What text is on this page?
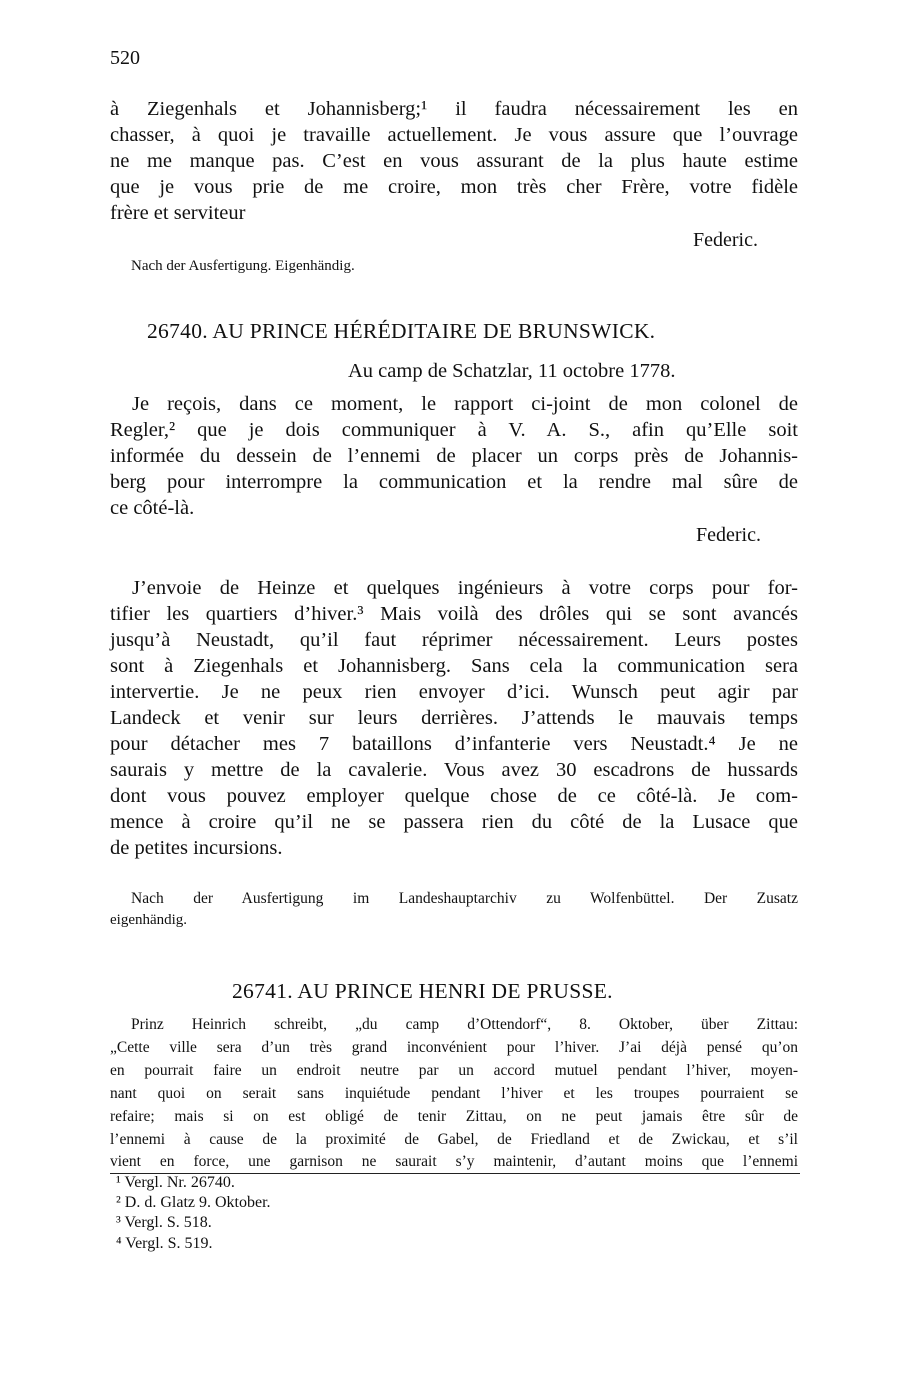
520
à Ziegenhals et Johannisberg;¹ il faudra nécessairement les en
chasser, à quoi je travaille actuellement. Je vous assure que l’ouvrage
ne me manque pas. C’est en vous assurant de la plus haute estime
que je vous prie de me croire, mon très cher Frère, votre fidèle
frère et serviteur
Federic.
Nach der Ausfertigung. Eigenhändig.
26740. AU PRINCE HÉRÉDITAIRE DE BRUNSWICK.
Au camp de Schatzlar, 11 octobre 1778.
Je reçois, dans ce moment, le rapport ci-joint de mon colonel de
Regler,² que je dois communiquer à V. A. S., afin qu’Elle soit
informée du dessein de l’ennemi de placer un corps près de Johannis-
berg pour interrompre la communication et la rendre mal sûre de
ce côté-là.
Federic.
J’envoie de Heinze et quelques ingénieurs à votre corps pour for-
tifier les quartiers d’hiver.³ Mais voilà des drôles qui se sont avancés
jusqu’à Neustadt, qu’il faut réprimer nécessairement. Leurs postes
sont à Ziegenhals et Johannisberg. Sans cela la communication sera
intervertie. Je ne peux rien envoyer d’ici. Wunsch peut agir par
Landeck et venir sur leurs derrières. J’attends le mauvais temps
pour détacher mes 7 bataillons d’infanterie vers Neustadt.⁴ Je ne
saurais y mettre de la cavalerie. Vous avez 30 escadrons de hussards
dont vous pouvez employer quelque chose de ce côté-là. Je com-
mence à croire qu’il ne se passera rien du côté de la Lusace que
de petites incursions.
Nach der Ausfertigung im Landeshauptarchiv zu Wolfenbüttel. Der Zusatz
eigenhändig.
26741. AU PRINCE HENRI DE PRUSSE.
Prinz Heinrich schreibt, „du camp d’Ottendorf“, 8. Oktober, über Zittau:
„Cette ville sera d’un très grand inconvénient pour l’hiver. J’ai déjà pensé qu’on
en pourrait faire un endroit neutre par un accord mutuel pendant l’hiver, moyen-
nant quoi on serait sans inquiétude pendant l’hiver et les troupes pourraient se
refaire; mais si on est obligé de tenir Zittau, on ne peut jamais être sûr de
l’ennemi à cause de la proximité de Gabel, de Friedland et de Zwickau, et s’il
vient en force, une garnison ne saurait s’y maintenir, d’autant moins que l’ennemi
¹ Vergl. Nr. 26740.
² D. d. Glatz 9. Oktober.
³ Vergl. S. 518.
⁴ Vergl. S. 519.
